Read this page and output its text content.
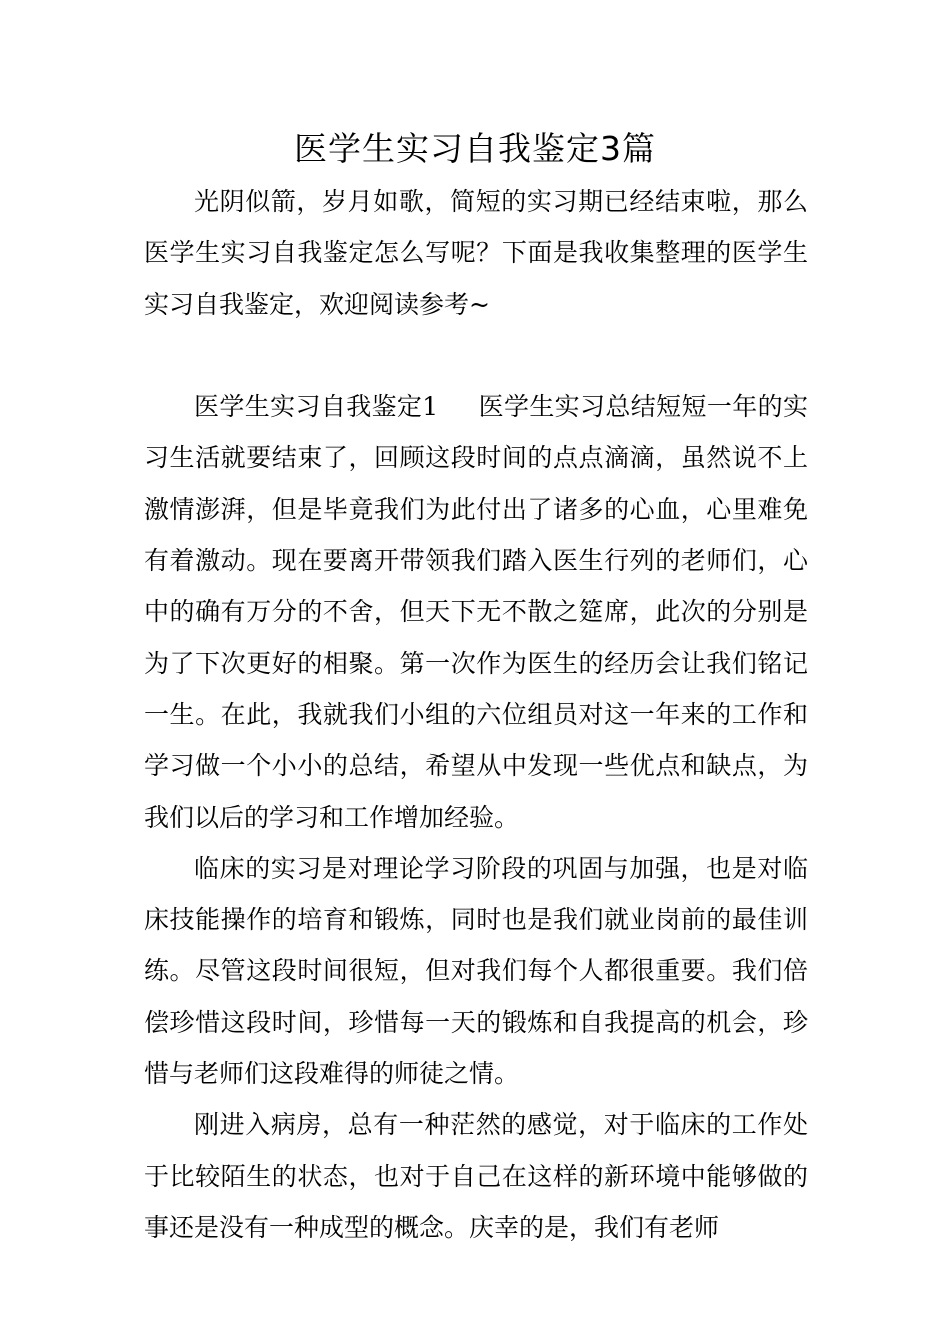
医学生实习自我鉴定3篇

光阴似箭，岁月如歌，简短的实习期已经结束啦，那么医学生实习自我鉴定怎么写呢？下面是我收集整理的医学生实习自我鉴定，欢迎阅读参考~

医学生实习自我鉴定1 医学生实习总结短短一年的实习生活就要结束了，回顾这段时间的点点滴滴，虽然说不上激情澎湃，但是毕竟我们为此付出了诸多的心血，心里难免有着激动。现在要离开带领我们踏入医生行列的老师们，心中的确有万分的不舍，但天下无不散之筵席，此次的分别是为了下次更好的相聚。第一次作为医生的经历会让我们铭记一生。在此，我就我们小组的六位组员对这一年来的工作和学习做一个小小的总结，希望从中发现一些优点和缺点，为我们以后的学习和工作增加经验。

临床的实习是对理论学习阶段的巩固与加强，也是对临床技能操作的培育和锻炼，同时也是我们就业岗前的最佳训练。尽管这段时间很短，但对我们每个人都很重要。我们倍偿珍惜这段时间，珍惜每一天的锻炼和自我提高的机会，珍惜与老师们这段难得的师徒之情。

刚进入病房，总有一种茫然的感觉，对于临床的工作处于比较陌生的状态，也对于自己在这样的新环境中能够做的事还是没有一种成型的概念。庆幸的是，我们有老师
